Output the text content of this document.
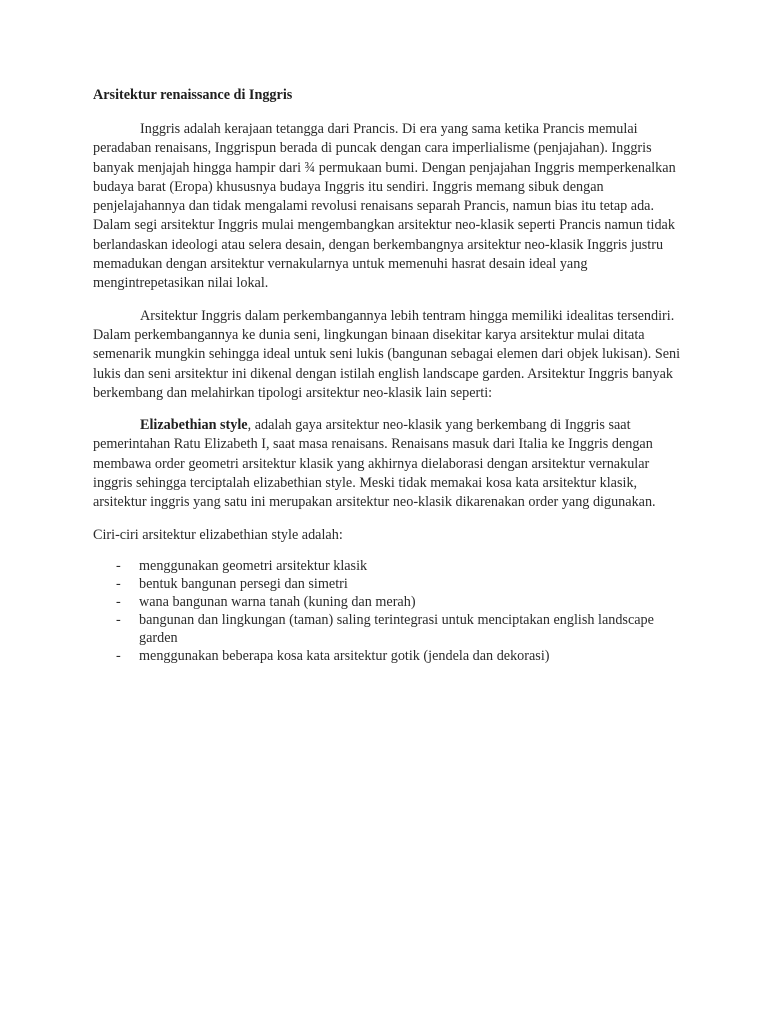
Arsitektur renaissance di Inggris

Inggris adalah kerajaan tetangga dari Prancis. Di era yang sama ketika Prancis memulai peradaban renaisans, Inggrispun berada di puncak dengan cara imperlialisme (penjajahan). Inggris banyak menjajah hingga hampir dari ¾ permukaan bumi. Dengan penjajahan Inggris memperkenalkan budaya barat (Eropa) khususnya budaya Inggris itu sendiri. Inggris memang sibuk dengan penjelajahannya dan tidak mengalami revolusi renaisans separah Prancis, namun bias itu tetap ada. Dalam segi arsitektur Inggris mulai mengembangkan arsitektur neo-klasik seperti Prancis namun tidak berlandaskan ideologi atau selera desain, dengan berkembangnya arsitektur neo-klasik Inggris justru memadukan dengan arsitektur vernakularnya untuk memenuhi hasrat desain ideal yang mengintrepetasikan nilai lokal.

Arsitektur Inggris dalam perkembangannya lebih tentram hingga memiliki idealitas tersendiri. Dalam perkembangannya ke dunia seni, lingkungan binaan disekitar karya arsitektur mulai ditata semenarik mungkin sehingga ideal untuk seni lukis (bangunan sebagai elemen dari objek lukisan). Seni lukis dan seni arsitektur ini dikenal dengan istilah english landscape garden. Arsitektur Inggris banyak berkembang dan melahirkan tipologi arsitektur neo-klasik lain seperti:

Elizabethian style, adalah gaya arsitektur neo-klasik yang berkembang di Inggris saat pemerintahan Ratu Elizabeth I, saat masa renaisans. Renaisans masuk dari Italia ke Inggris dengan membawa order geometri arsitektur klasik yang akhirnya dielaborasi dengan arsitektur vernakular inggris sehingga terciptalah elizabethian style. Meski tidak memakai kosa kata arsitektur klasik, arsitektur inggris yang satu ini merupakan arsitektur neo-klasik dikarenakan order yang digunakan.

Ciri-ciri arsitektur elizabethian style adalah:

- menggunakan geometri arsitektur klasik
- bentuk bangunan persegi dan simetri
- wana bangunan warna tanah (kuning dan merah)
- bangunan dan lingkungan (taman) saling terintegrasi untuk menciptakan english landscape garden
- menggunakan beberapa kosa kata arsitektur gotik (jendela dan dekorasi)
